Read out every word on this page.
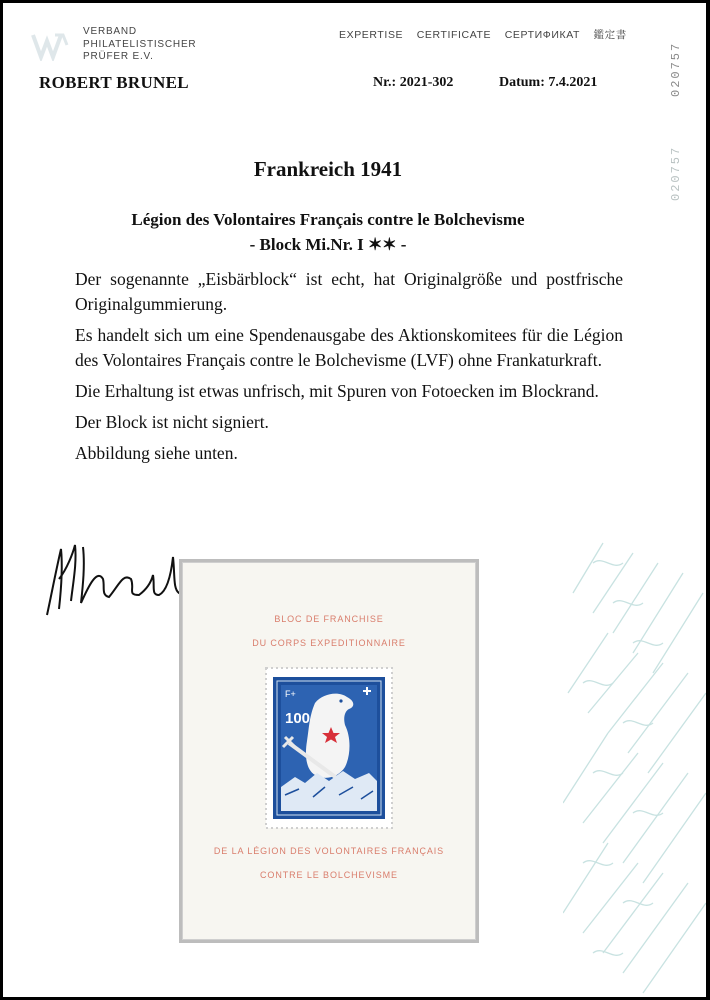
VERBAND
PHILATELISTISCHER
PRÜFER E.V.
EXPERTISE CERTIFICATE СЕРТИФИКАТ 鑑定書
ROBERT BRUNEL	Nr.: 2021-302	Datum: 7.4.2021	020757
020757
Frankreich 1941
Légion des Volontaires Français contre le Bolchevisme
- Block Mi.Nr. I ✶✶ -

Der sogenannte „Eisbärblock“ ist echt, hat Originalgröße und postfrische Originalgummierung.

Es handelt sich um eine Spendenausgabe des Aktionskomitees für die Légion des Volontaires Français contre le Bolchevisme (LVF) ohne Frankaturkraft.

Die Erhaltung ist etwas unfrisch, mit Spuren von Fotoecken im Blockrand.

Der Block ist nicht signiert.

Abbildung siehe unten.

BLOC DE FRANCHISE
DU CORPS EXPEDITIONNAIRE
DE LA LÉGION DES VOLONTAIRES FRANÇAIS
CONTRE LE BOLCHEVISME
F+
100
